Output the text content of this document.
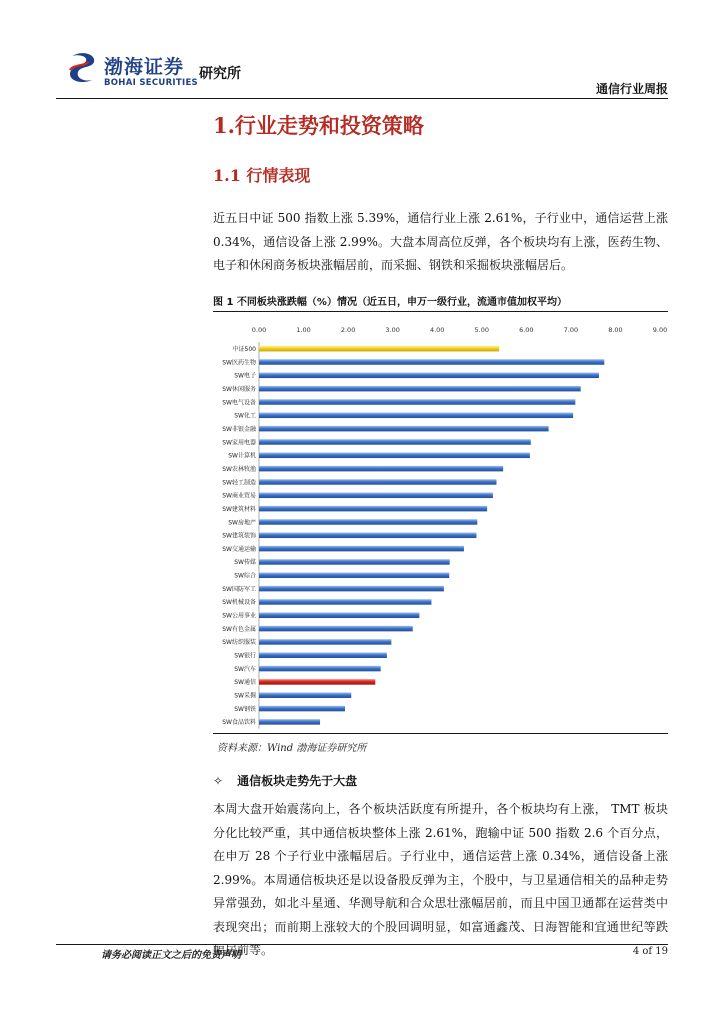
渤海证券
BOHAI SECURITIES
研究所
通信行业周报
1.行业走势和投资策略
1.1 行情表现
近五日中证 500 指数上涨 5.39%，通信行业上涨 2.61%，子行业中，通信运营上涨 0.34%，通信设备上涨 2.99%。大盘本周高位反弹，各个板块均有上涨，医药生物、电子和休闲商务板块涨幅居前，而采掘、钢铁和采掘板块涨幅居后。
图 1 不同板块涨跌幅（%）情况（近五日，申万一级行业，流通市值加权平均）
0.00	1.00	2.00	3.00	4.00	5.00	6.00	7.00	8.00	9.00
中证500
SW医药生物
SW电子
SW休闲服务
SW电气设备
SW化工
SW非银金融
SW家用电器
SW计算机
SW农林牧渔
SW轻工制造
SW商业贸易
SW建筑材料
SW房地产
SW建筑装饰
SW交通运输
SW传媒
SW综合
SW国防军工
SW机械设备
SW公用事业
SW有色金属
SW纺织服装
SW银行
SW汽车
SW通信
SW采掘
SW钢铁
SW食品饮料
资料来源：Wind 渤海证券研究所
✧ 通信板块走势先于大盘
本周大盘开始震荡向上，各个板块活跃度有所提升，各个板块均有上涨， TMT 板块分化比较严重，其中通信板块整体上涨 2.61%，跑输中证 500 指数 2.6 个百分点，在申万 28 个子行业中涨幅居后。子行业中，通信运营上涨 0.34%，通信设备上涨 2.99%。本周通信板块还是以设备股反弹为主，个股中，与卫星通信相关的品种走势异常强劲，如北斗星通、华测导航和合众思壮涨幅居前，而且中国卫通都在运营类中表现突出；而前期上涨较大的个股回调明显，如富通鑫茂、日海智能和宜通世纪等跌幅居前等。
请务必阅读正文之后的免责声明	4 of 19
